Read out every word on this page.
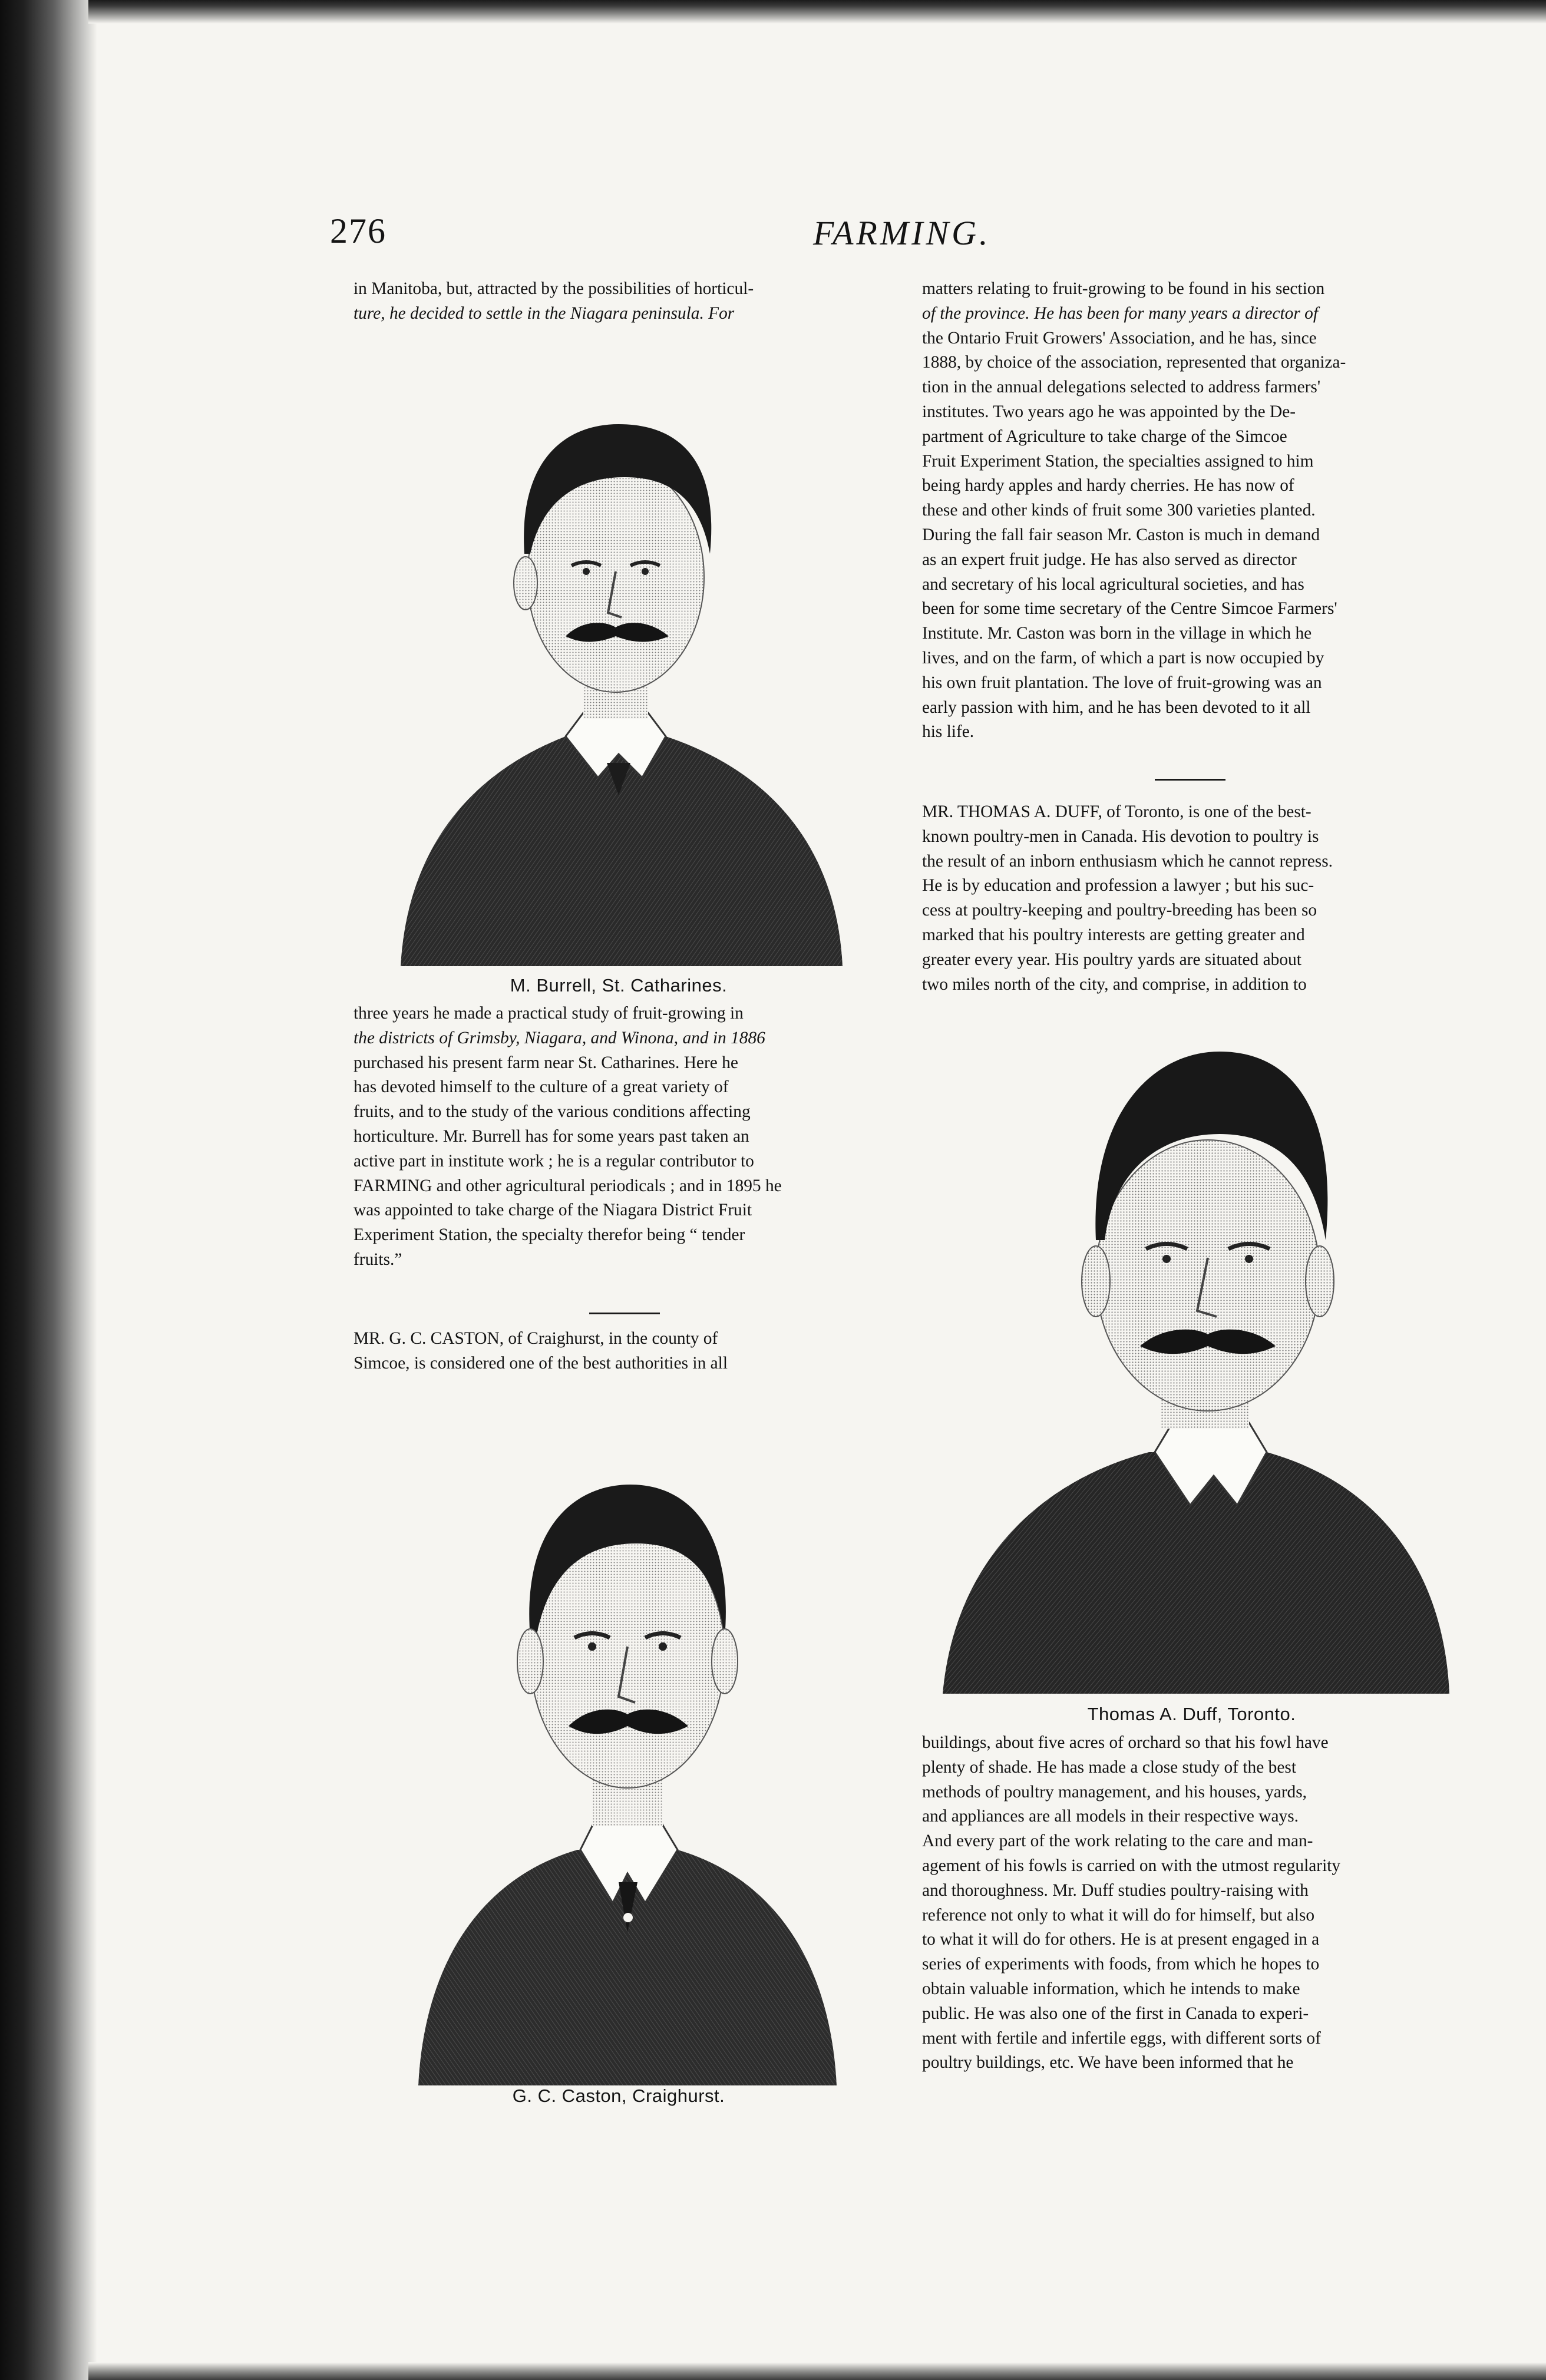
276	FARMING.

in Manitoba, but, attracted by the possibilities of horticul-

ture, he decided to settle in the Niagara peninsula. For

M. Burrell, St. Catharines.

three years he made a practical study of fruit-growing in

the districts of Grimsby, Niagara, and Winona, and in 1886

purchased his present farm near St. Catharines. Here he

has devoted himself to the culture of a great variety of

fruits, and to the study of the various conditions affecting

horticulture. Mr. Burrell has for some years past taken an

active part in institute work ; he is a regular contributor to

FARMING and other agricultural periodicals ; and in 1895 he

was appointed to take charge of the Niagara District Fruit

Experiment Station, the specialty therefor being “ tender

fruits.”

MR. G. C. CASTON, of Craighurst, in the county of

Simcoe, is considered one of the best authorities in all

G. C. Caston, Craighurst.

matters relating to fruit-growing to be found in his section

of the province. He has been for many years a director of

the Ontario Fruit Growers' Association, and he has, since

1888, by choice of the association, represented that organiza-

tion in the annual delegations selected to address farmers'

institutes. Two years ago he was appointed by the De-

partment of Agriculture to take charge of the Simcoe

Fruit Experiment Station, the specialties assigned to him

being hardy apples and hardy cherries. He has now of

these and other kinds of fruit some 300 varieties planted.

During the fall fair season Mr. Caston is much in demand

as an expert fruit judge. He has also served as director

and secretary of his local agricultural societies, and has

been for some time secretary of the Centre Simcoe Farmers'

Institute. Mr. Caston was born in the village in which he

lives, and on the farm, of which a part is now occupied by

his own fruit plantation. The love of fruit-growing was an

early passion with him, and he has been devoted to it all

his life.

MR. THOMAS A. DUFF, of Toronto, is one of the best-

known poultry-men in Canada. His devotion to poultry is

the result of an inborn enthusiasm which he cannot repress.

He is by education and profession a lawyer ; but his suc-

cess at poultry-keeping and poultry-breeding has been so

marked that his poultry interests are getting greater and

greater every year. His poultry yards are situated about

two miles north of the city, and comprise, in addition to

Thomas A. Duff, Toronto.

buildings, about five acres of orchard so that his fowl have

plenty of shade. He has made a close study of the best

methods of poultry management, and his houses, yards,

and appliances are all models in their respective ways.

And every part of the work relating to the care and man-

agement of his fowls is carried on with the utmost regularity

and thoroughness. Mr. Duff studies poultry-raising with

reference not only to what it will do for himself, but also

to what it will do for others. He is at present engaged in a

series of experiments with foods, from which he hopes to

obtain valuable information, which he intends to make

public. He was also one of the first in Canada to experi-

ment with fertile and infertile eggs, with different sorts of

poultry buildings, etc. We have been informed that he
